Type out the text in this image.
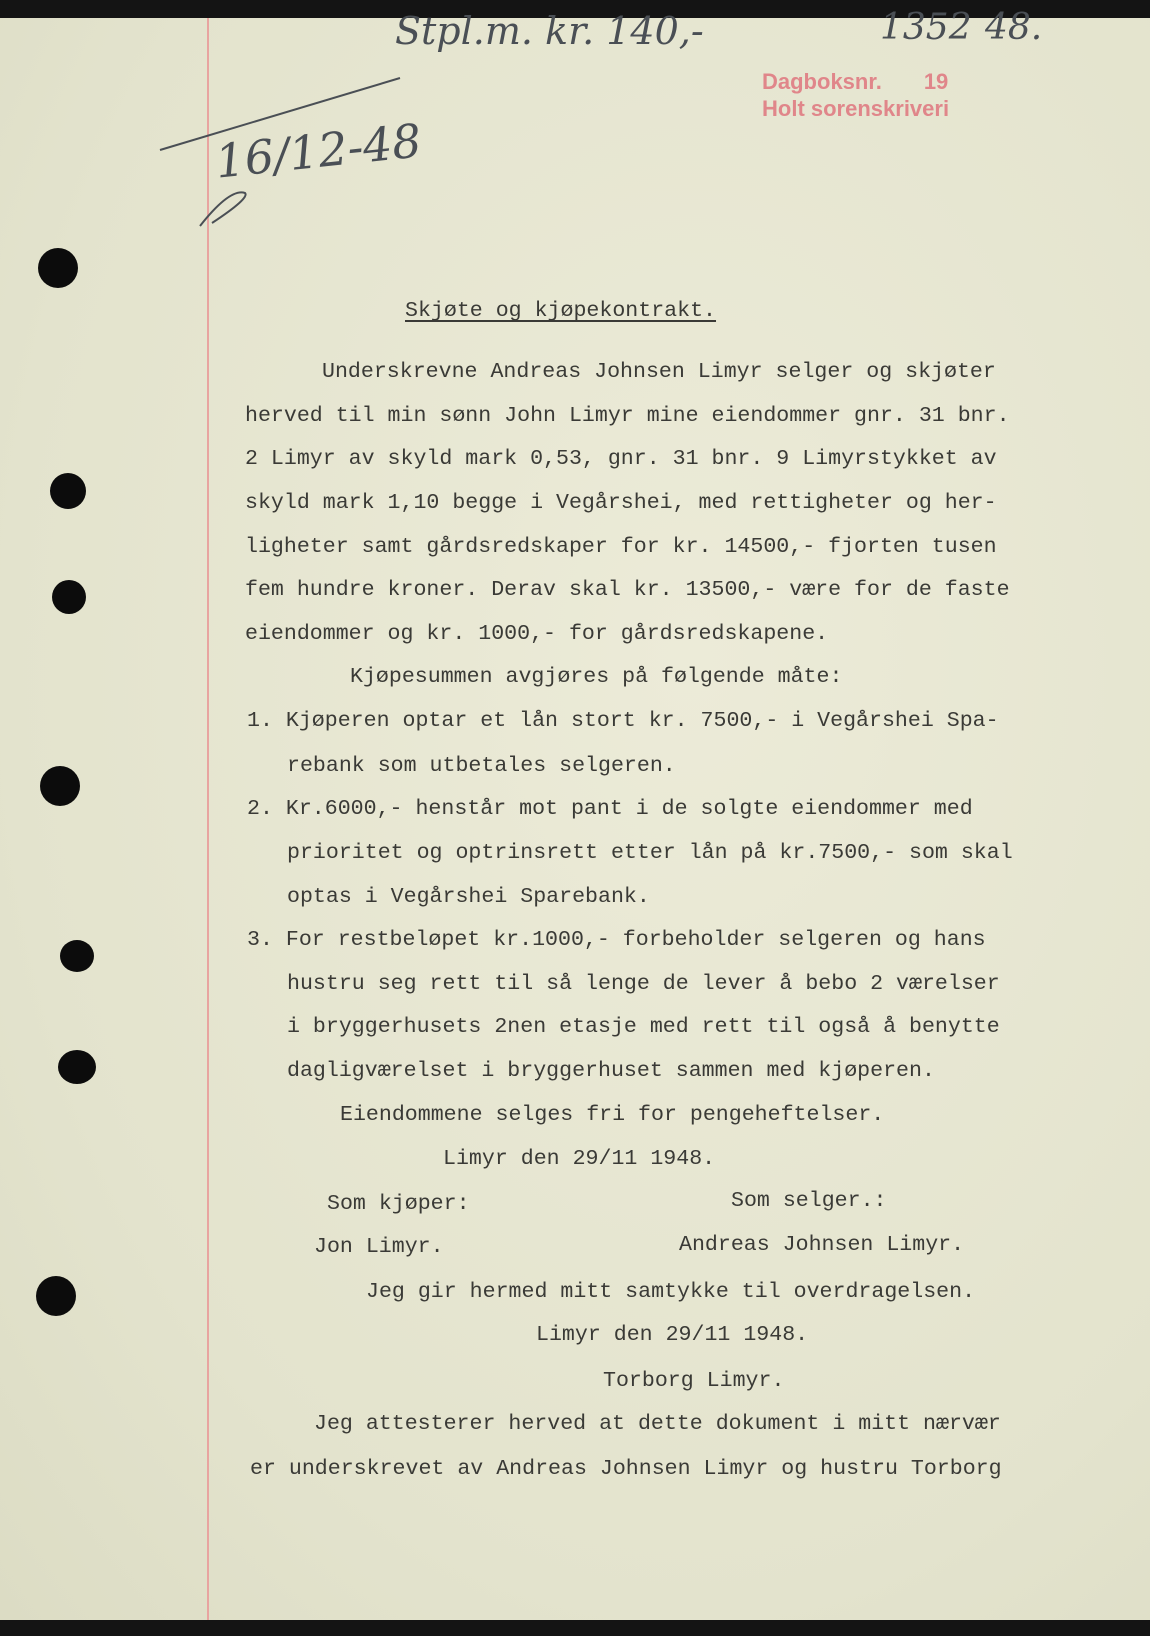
Stpl.m. kr. 140,-
16/12-48
1352 48.
Dagboksnr. 19
Holt sorenskriveri
Skjøte og kjøpekontrakt.
Underskrevne Andreas Johnsen Limyr selger og skjøter
herved til min sønn John Limyr mine eiendommer gnr. 31 bnr.
2 Limyr av skyld mark 0,53, gnr. 31 bnr. 9 Limyrstykket av
skyld mark 1,10 begge i Vegårshei, med rettigheter og her-
ligheter samt gårdsredskaper for kr. 14500,- fjorten tusen
fem hundre kroner. Derav skal kr. 13500,- være for de faste
eiendommer og kr. 1000,- for gårdsredskapene.
Kjøpesummen avgjøres på følgende måte:
1. Kjøperen optar et lån stort kr. 7500,- i Vegårshei Spa-
rebank som utbetales selgeren.
2. Kr.6000,- henstår mot pant i de solgte eiendommer med
prioritet og optrinsrett etter lån på kr.7500,- som skal
optas i Vegårshei Sparebank.
3. For restbeløpet kr.1000,- forbeholder selgeren og hans
hustru seg rett til så lenge de lever å bebo 2 værelser
i bryggerhusets 2nen etasje med rett til også å benytte
dagligværelset i bryggerhuset sammen med kjøperen.
Eiendommene selges fri for pengeheftelser.
Limyr den 29/11 1948.
Som kjøper:	Som selger.:
Jon Limyr.	Andreas Johnsen Limyr.
Jeg gir hermed mitt samtykke til overdragelsen.
Limyr den 29/11 1948.
Torborg Limyr.
Jeg attesterer herved at dette dokument i mitt nærvær
er underskrevet av Andreas Johnsen Limyr og hustru Torborg
